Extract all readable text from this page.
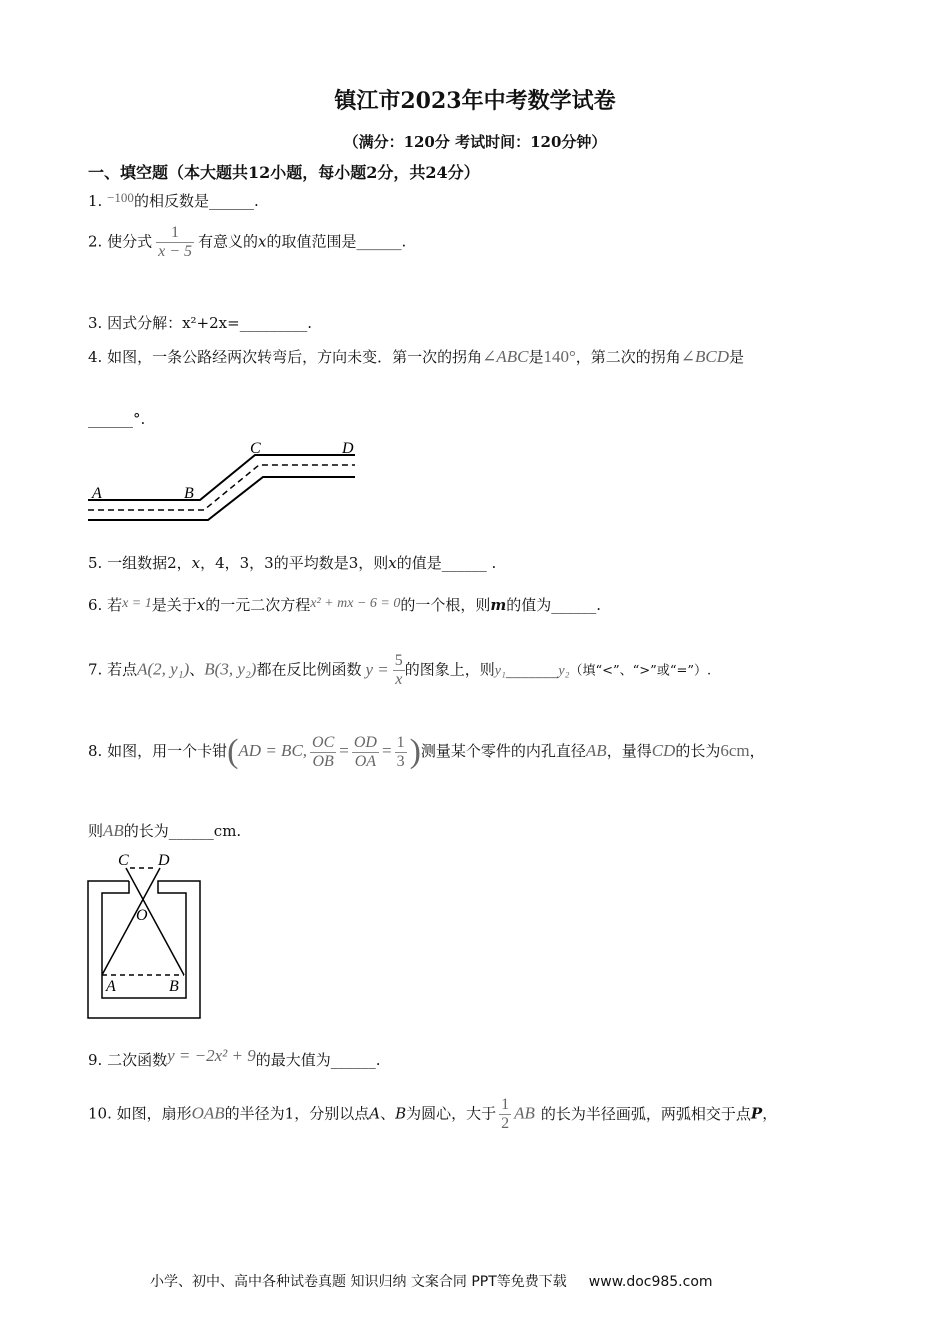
镇江市2023年中考数学试卷
（满分：120分 考试时间：120分钟）
一、填空题（本大题共12小题，每小题2分，共24分）
1. −100的相反数是______.
2. 使分式 $\frac{1}{x - 5}$ 有意义的x的取值范围是______.
3. 因式分解：x²+2x=_________.
4. 如图，一条公路经两次转弯后，方向未变．第一次的拐角∠ABC是140°，第二次的拐角∠BCD是
______°.
A	B
C	D
5. 一组数据2，x，4，3，3的平均数是3，则x的值是______ .
6. 若x = 1是关于x的一元二次方程x² + mx − 6 = 0的一个根，则m的值为______.
7. 若点A(2, y₁)、B(3, y₂)都在反比例函数 $y = \frac{5}{x}$ 的图象上，则y₁_______y₂（填“<”、“>”或“=”）.
8. 如图，用一个卡钳(AD = BC, $\frac{OC}{OB} = \frac{OD}{OA} = \frac{1}{3}$ )测量某个零件的内孔直径AB，量得CD的长为6cm，
则AB的长为______cm.
C D
O
A	B
9. 二次函数y = −2x² + 9的最大值为______.
10. 如图，扇形OAB的半径为1，分别以点A、B为圆心，大于 $\frac{1}{2}$ AB 的长为半径画弧，两弧相交于点P，
小学、初中、高中各种试卷真题 知识归纳 文案合同 PPT等免费下载 www.doc985.com
